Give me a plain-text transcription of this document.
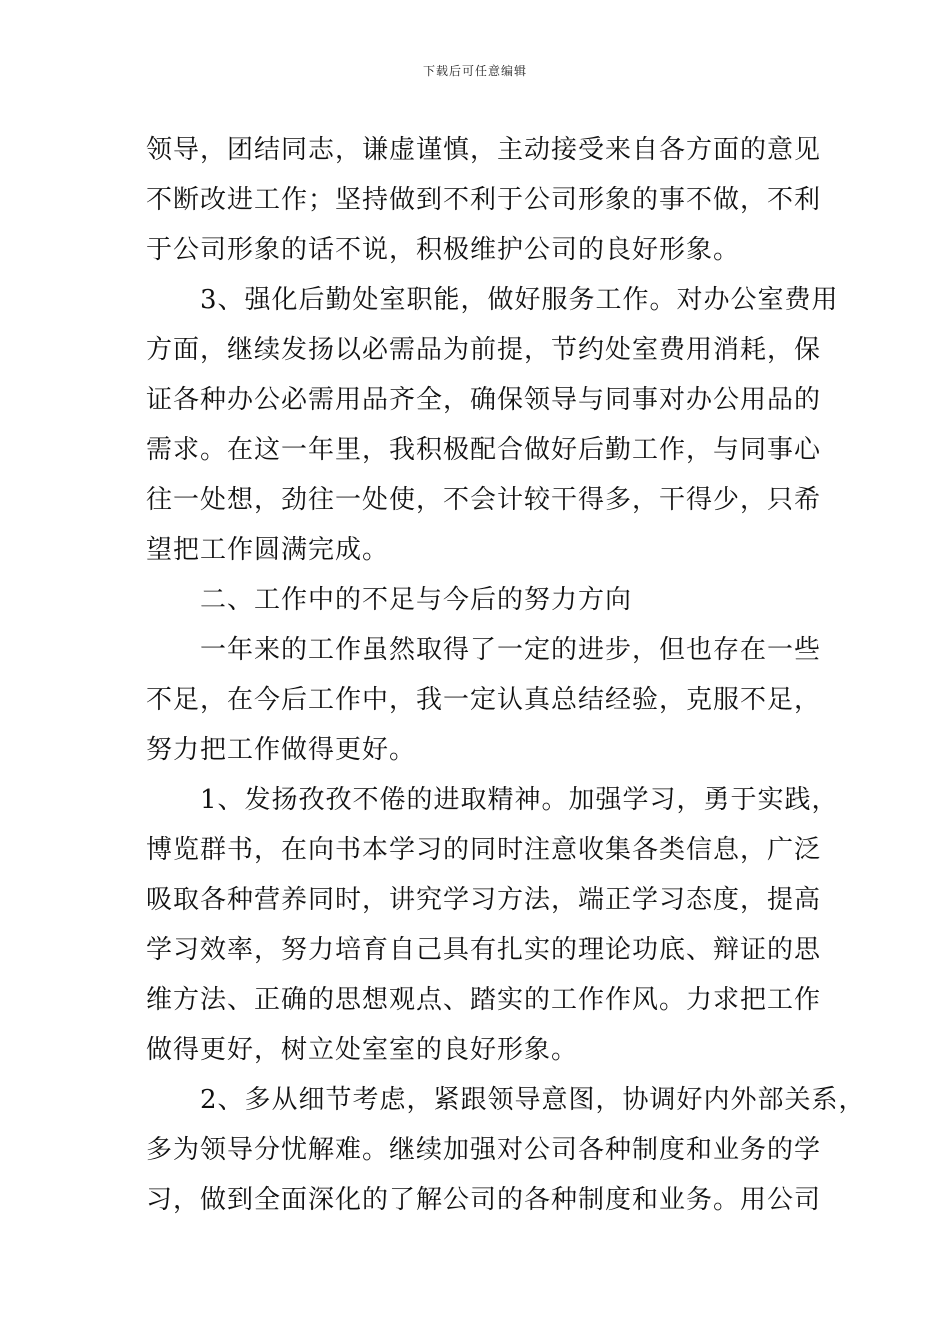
下载后可任意编辑
领导，团结同志，谦虚谨慎，主动接受来自各方面的意见
不断改进工作；坚持做到不利于公司形象的事不做，不利
于公司形象的话不说，积极维护公司的良好形象。
　　3、强化后勤处室职能，做好服务工作。对办公室费用
方面，继续发扬以必需品为前提，节约处室费用消耗，保
证各种办公必需用品齐全，确保领导与同事对办公用品的
需求。在这一年里，我积极配合做好后勤工作，与同事心
往一处想，劲往一处使，不会计较干得多，干得少，只希
望把工作圆满完成。
　　二、工作中的不足与今后的努力方向
　　一年来的工作虽然取得了一定的进步，但也存在一些
不足，在今后工作中，我一定认真总结经验，克服不足，
努力把工作做得更好。
　　1、发扬孜孜不倦的进取精神。加强学习，勇于实践，
博览群书，在向书本学习的同时注意收集各类信息，广泛
吸取各种营养同时，讲究学习方法，端正学习态度，提高
学习效率，努力培育自己具有扎实的理论功底、辩证的思
维方法、正确的思想观点、踏实的工作作风。力求把工作
做得更好，树立处室室的良好形象。
　　2、多从细节考虑，紧跟领导意图，协调好内外部关系，
多为领导分忧解难。继续加强对公司各种制度和业务的学
习，做到全面深化的了解公司的各种制度和业务。用公司
